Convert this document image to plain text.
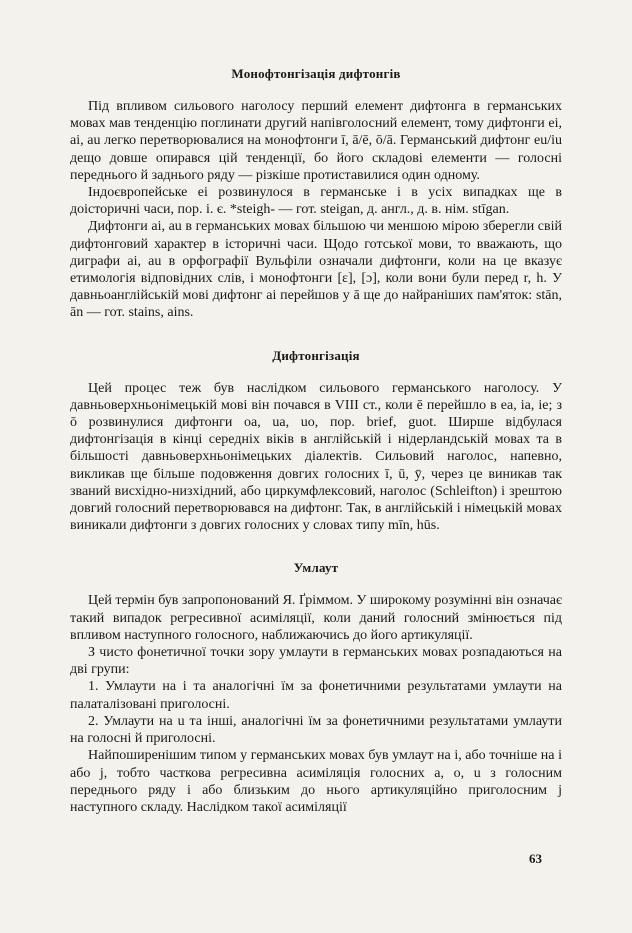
Монофтонгізація дифтонгів

Під впливом сильового наголосу перший елемент дифтонга в германських мовах мав тенденцію поглинати другий напівголосний елемент, тому дифтонги ei, ai, au легко перетворювалися на монофтонги ī, ā/ē, ō/ā. Германський дифтонг eu/iu дещо довше опирався цій тенденції, бо його складові елементи — голосні переднього й заднього ряду — різкіше протиставилися один одному.

Індоєвропейське ei розвинулося в германське i в усіх випадках ще в доісторичні часи, пор. і. є. *steigh- — гот. steigan, д. англ., д. в. нім. stīgan.

Дифтонги ai, au в германських мовах більшою чи меншою мірою зберегли свій дифтонговий характер в історичні часи. Щодо готської мови, то вважають, що диграфи ai, au в орфографії Вульфіли означали дифтонги, коли на це вказує етимологія відповідних слів, і монофтонги [ɛ], [ɔ], коли вони були перед r, h. У давньоанглійській мові дифтонг ai перейшов у ā ще до найраніших пам'яток: stān, ān — гот. stains, ains.

Дифтонгізація

Цей процес теж був наслідком сильового германського наголосу. У давньоверхньонімецькій мові він почався в VIII ст., коли ē перейшло в ea, ia, ie; з ō розвинулися дифтонги oa, ua, uo, пор. brief, guot. Ширше відбулася дифтонгізація в кінці середніх віків в англійській і нідерландській мовах та в більшості давньоверхньонімецьких діалектів. Сильовий наголос, напевно, викликав ще більше подовження довгих голосних ī, ū, ȳ, через це виникав так званий висхідно-низхідний, або циркумфлексовий, наголос (Schleifton) і зрештою довгий голосний перетворювався на дифтонг. Так, в англійській і німецькій мовах виникали дифтонги з довгих голосних у словах типу mīn, hūs.

Умлаут

Цей термін був запропонований Я. Ґріммом. У широкому розумінні він означає такий випадок регресивної асиміляції, коли даний голосний змінюється під впливом наступного голосного, наближаючись до його артикуляції.

З чисто фонетичної точки зору умлаути в германських мовах розпадаються на дві групи:

1. Умлаути на i та аналогічні їм за фонетичними результатами умлаути на палаталізовані приголосні.

2. Умлаути на u та інші, аналогічні їм за фонетичними результатами умлаути на голосні й приголосні.

Найпоширенішим типом у германських мовах був умлаут на i, або точніше на i або j, тобто часткова регресивна асиміляція голосних a, o, u з голосним переднього ряду i або близьким до нього артикуляційно приголосним j наступного складу. Наслідком такої асиміляції

63
